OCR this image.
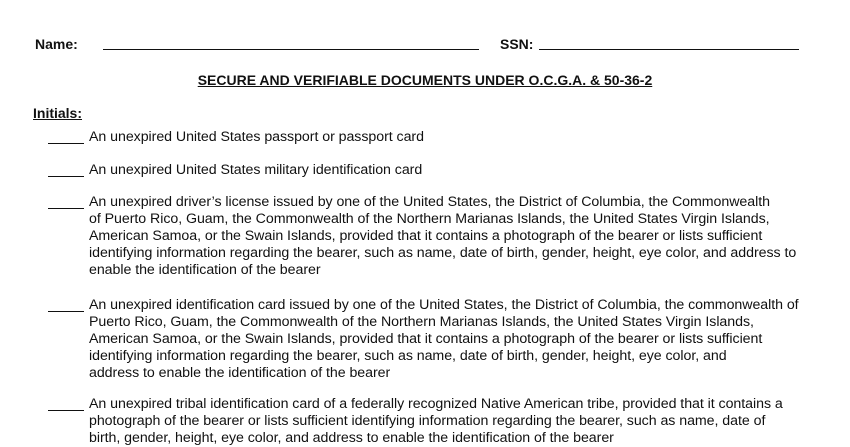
Name:	SSN:
SECURE AND VERIFIABLE DOCUMENTS UNDER O.C.G.A. & 50-36-2
Initials:
An unexpired United States passport or passport card
An unexpired United States military identification card
An unexpired driver’s license issued by one of the United States, the District of Columbia, the Commonwealth
of Puerto Rico, Guam, the Commonwealth of the Northern Marianas Islands, the United States Virgin Islands,
American Samoa, or the Swain Islands, provided that it contains a photograph of the bearer or lists sufficient
identifying information regarding the bearer, such as name, date of birth, gender, height, eye color, and address to
enable the identification of the bearer
An unexpired identification card issued by one of the United States, the District of Columbia, the commonwealth of
Puerto Rico, Guam, the Commonwealth of the Northern Marianas Islands, the United States Virgin Islands,
American Samoa, or the Swain Islands, provided that it contains a photograph of the bearer or lists sufficient
identifying information regarding the bearer, such as name, date of birth, gender, height, eye color, and
address to enable the identification of the bearer
An unexpired tribal identification card of a federally recognized Native American tribe, provided that it contains a
photograph of the bearer or lists sufficient identifying information regarding the bearer, such as name, date of
birth, gender, height, eye color, and address to enable the identification of the bearer
